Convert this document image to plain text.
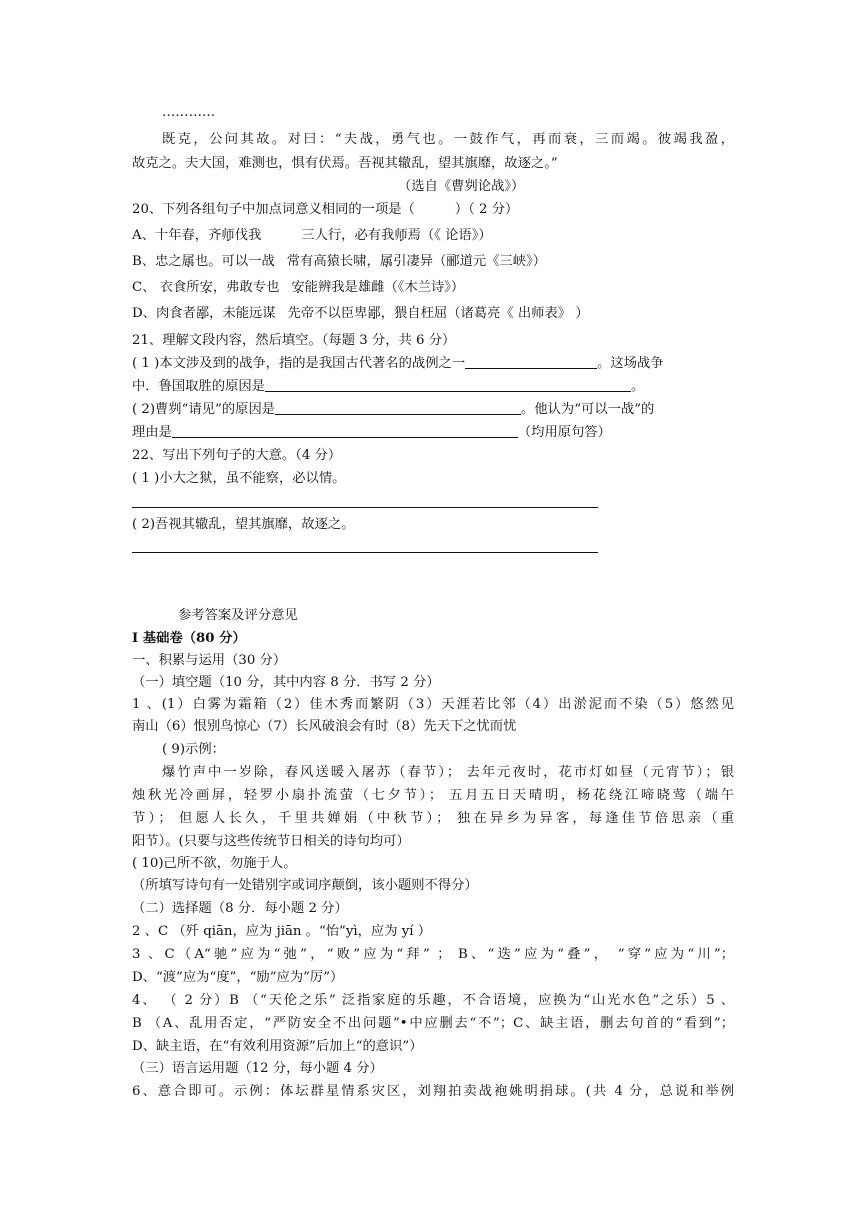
…………
既克，公问其故。对曰：“夫战，勇气也。一鼓作气，再而衰，三而竭。彼竭我盈，
故克之。夫大国，难测也，惧有伏焉。吾视其辙乱，望其旗靡，故逐之。”
（选自《曹刿论战》）
20、下列各组句子中加点词意义相同的一项是（	）（ 2 分）
A、十年春，齐师伐我	三人行，必有我师焉（《 论语》）
B、忠之属也。可以一战 常有高猿长啸，属引凄异（郦道元《三峡》）
C、 衣食所安，弗敢专也 安能辨我是雄雌（《木兰诗》）
D、肉食者鄙，未能远谋 先帝不以臣卑鄙，猥自枉屈（诸葛亮《 出师表》 ）
21、理解文段内容，然后填空。（每题 3 分，共 6 分）
( 1 )本文涉及到的战争，指的是我国古代著名的战例之一	。这场战争
中．鲁国取胜的原因是	。
( 2)曹刿“请见”的原因是	。他认为“可以一战”的
理由是	（均用原句答）
22、写出下列句子的大意。（4 分）
( 1 )小大之狱，虽不能察，必以情。
( 2)吾视其辙乱，望其旗靡，故逐之。
参考答案及评分意见
I 基础卷（80 分）
一、积累与运用（30 分）
（一）填空题（10 分，其中内容 8 分．书写 2 分）
1 、(1）白雾为霜箱（2）佳木秀而繁阴（3）天涯若比邻（4）出淤泥而不染（5）悠然见
南山（6）恨别鸟惊心（7）长风破浪会有时（8）先天下之忧而忧
( 9)示例：
爆竹声中一岁除，春风送暖入屠苏（春节）； 去年元夜时，花市灯如昼（元宵节）；银
烛秋光冷画屏，轻罗小扇扑流萤（七夕节）； 五月五日天晴明，杨花绕江啼晓莺（端午
节）； 但愿人长久，千里共婵娟（中秋节）； 独在异乡为异客，每逢佳节倍思亲（重
阳节）。(只要与这些传统节日相关的诗句均可）
( 10)己所不欲，勿施于人。
（所填写诗句有一处错别字或词序颠倒，该小题则不得分）
（二）选择题（8 分．每小题 2 分）
2 、C （歼 qiān，应为 jiān 。“怡”yì，应为 yí ）
3 、C（A“驰”应为“弛”，“败”应为“拜” ； B、“迭”应为“叠”， “穿”应为“川”；
D、“渡”应为“度”，“励”应为”厉”）
4、 （ 2 分）B （“天伦之乐” 泛指家庭的乐趣，不合语境，应换为“山光水色”之乐）5 、
B （A、乱用否定，“严防安全不出问题”•中应删去“不”；C、缺主语，删去句首的“看到”；
D、缺主语，在“有效利用资源”后加上“的意识”）
（三）语言运用题（12 分，每小题 4 分）
6、意合即可。示例：体坛群星情系灾区，刘翔拍卖战袍姚明捐球。(共 4 分，总说和举例
